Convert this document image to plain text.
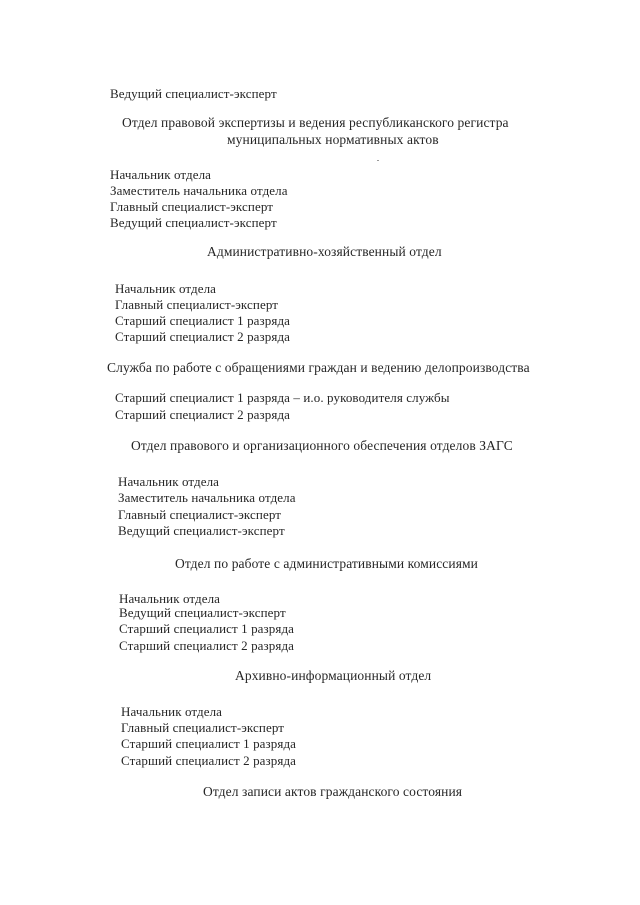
Ведущий специалист-эксперт
Отдел правовой экспертизы и ведения республиканского регистра
муниципальных нормативных актов
Начальник отдела
Заместитель начальника отдела
Главный специалист-эксперт
Ведущий специалист-эксперт
Административно-хозяйственный отдел
Начальник отдела
Главный специалист-эксперт
Старший специалист 1 разряда
Старший специалист 2 разряда
Служба по работе с обращениями граждан и ведению делопроизводства
Старший специалист 1 разряда – и.о. руководителя службы
Старший специалист 2 разряда
Отдел правового и организационного обеспечения отделов ЗАГС
Начальник отдела
Заместитель начальника отдела
Главный специалист-эксперт
Ведущий специалист-эксперт
Отдел по работе с административными комиссиями
Начальник отдела
Ведущий специалист-эксперт
Старший специалист 1 разряда
Старший специалист 2 разряда
Архивно-информационный отдел
Начальник отдела
Главный специалист-эксперт
Старший специалист 1 разряда
Старший специалист 2 разряда
Отдел записи актов гражданского состояния
